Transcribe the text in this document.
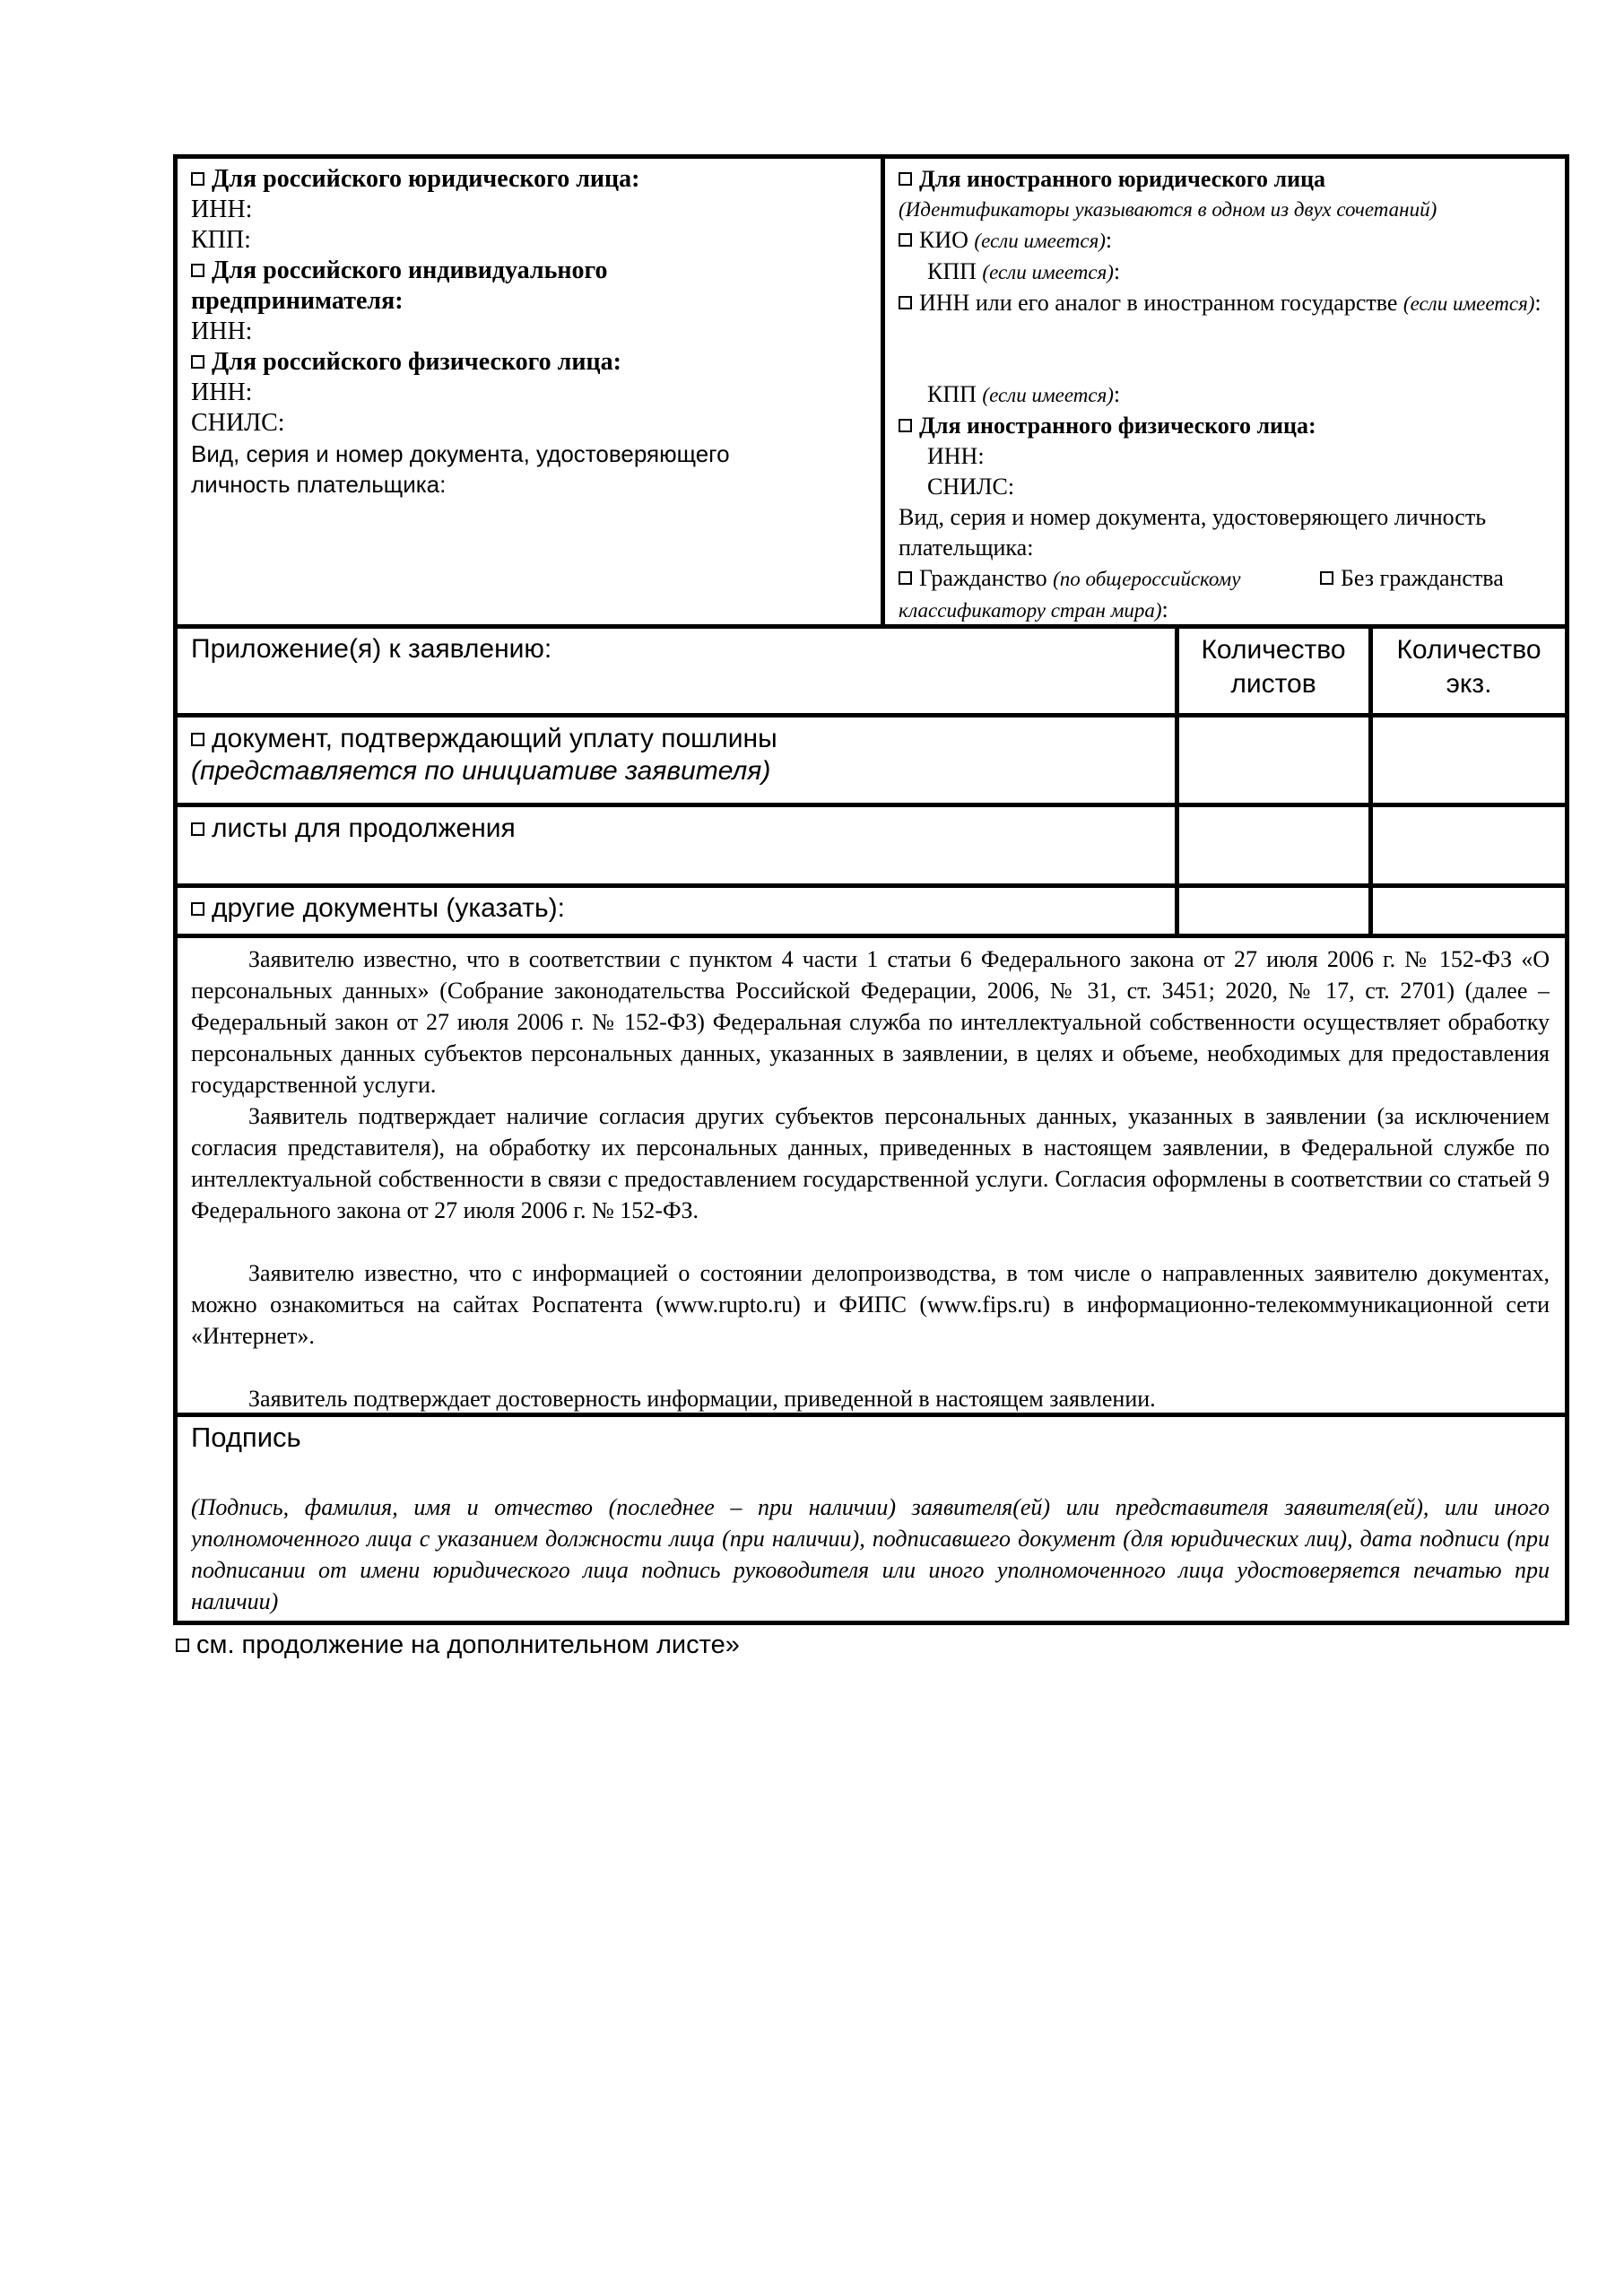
Для российского юридического лица:
ИНН:
КПП:
Для российского индивидуального предпринимателя:
ИНН:
Для российского физического лица:
ИНН:
СНИЛС:
Вид, серия и номер документа, удостоверяющего личность плательщика:
Для иностранного юридического лица
(Идентификаторы указываются в одном из двух сочетаний)
КИО (если имеется):
КПП (если имеется):
ИНН или его аналог в иностранном государстве (если имеется):
КПП (если имеется):
Для иностранного физического лица:
ИНН:
СНИЛС:
Вид, серия и номер документа, удостоверяющего личность плательщика:
Гражданство (по общероссийскому классификатору стран мира):
Без гражданства
Приложение(я) к заявлению:	Количество листов
Количество экз.
документ, подтверждающий уплату пошлины
(представляется по инициативе заявителя)
листы для продолжения
другие документы (указать):
Заявителю известно, что в соответствии с пунктом 4 части 1 статьи 6 Федерального закона от 27 июля 2006 г. № 152-ФЗ «О персональных данных» (Собрание законодательства Российской Федерации, 2006, № 31, ст. 3451; 2020, № 17, ст. 2701) (далее – Федеральный закон от 27 июля 2006 г. № 152-ФЗ) Федеральная служба по интеллектуальной собственности осуществляет обработку персональных данных субъектов персональных данных, указанных в заявлении, в целях и объеме, необходимых для предоставления государственной услуги.
Заявитель подтверждает наличие согласия других субъектов персональных данных, указанных в заявлении (за исключением согласия представителя), на обработку их персональных данных, приведенных в настоящем заявлении, в Федеральной службе по интеллектуальной собственности в связи с предоставлением государственной услуги. Согласия оформлены в соответствии со статьей 9 Федерального закона от 27 июля 2006 г. № 152-ФЗ.
Заявителю известно, что с информацией о состоянии делопроизводства, в том числе о направленных заявителю документах, можно ознакомиться на сайтах Роспатента (www.rupto.ru) и ФИПС (www.fips.ru) в информационно-телекоммуникационной сети «Интернет».
Заявитель подтверждает достоверность информации, приведенной в настоящем заявлении.
Подпись
(Подпись, фамилия, имя и отчество (последнее – при наличии) заявителя(ей) или представителя заявителя(ей), или иного уполномоченного лица с указанием должности лица (при наличии), подписавшего документ (для юридических лиц), дата подписи (при подписании от имени юридического лица подпись руководителя или иного уполномоченного лица удостоверяется печатью при наличии)
см. продолжение на дополнительном листе»
